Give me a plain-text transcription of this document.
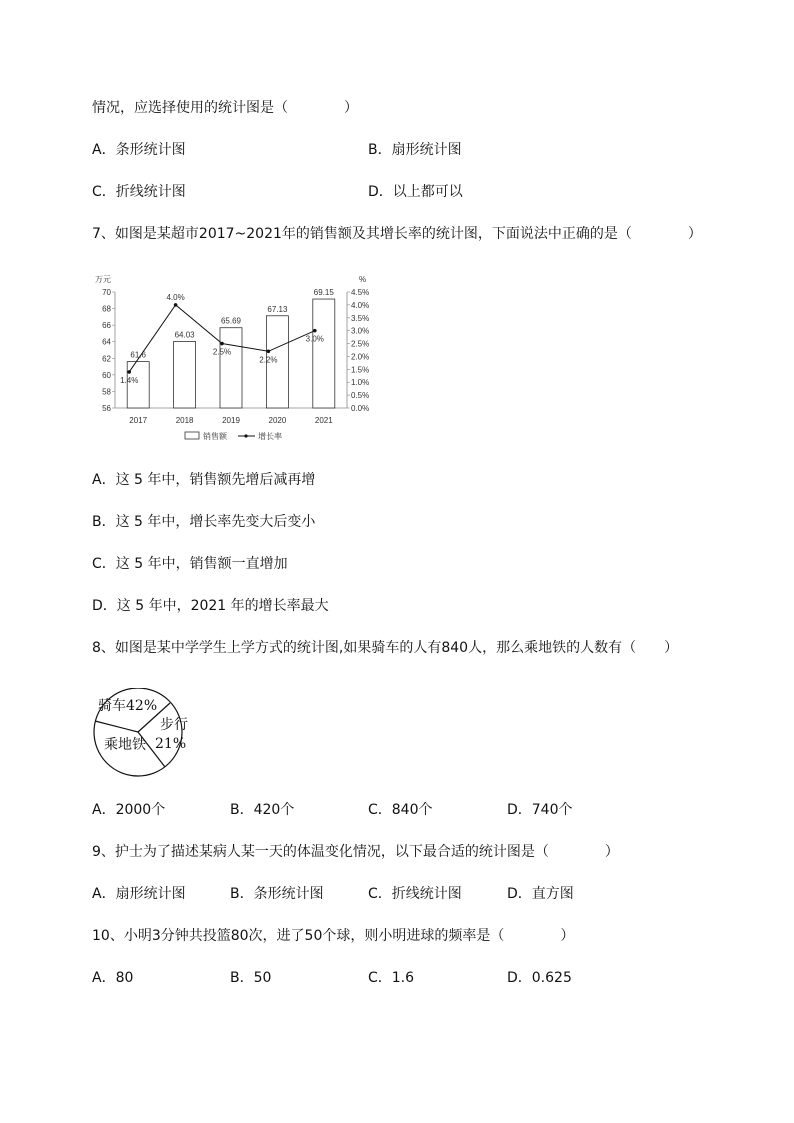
情况，应选择使用的统计图是（　　　　）
A．条形统计图	B．扇形统计图
C．折线统计图	D．以上都可以
7、如图是某超市2017~2021年的销售额及其增长率的统计图，下面说法中正确的是（　　　　）
万元	%
70
68
66
64
62
60
58
56
4.5%
4.0%
3.5%
3.0%
2.5%
2.0%
1.5%
1.0%
0.5%
0.0%
61.6
64.03
65.69
67.13
69.15
1.4%
4.0%
2.5%
2.2%
3.0%
2017	2018	2019	2020	2021
销售额	增长率
A．这 5 年中，销售额先增后减再增
B．这 5 年中，增长率先变大后变小
C．这 5 年中，销售额一直增加
D．这 5 年中，2021 年的增长率最大
8、如图是某中学学生上学方式的统计图,如果骑车的人有840人，那么乘地铁的人数有（　　）
骑车42%
步行
21%
乘地铁
A．2000个	B．420个	C．840个	D．740个
9、护士为了描述某病人某一天的体温变化情况，以下最合适的统计图是（　　　　）
A．扇形统计图	B．条形统计图	C．折线统计图	D．直方图
10、小明3分钟共投篮80次，进了50个球，则小明进球的频率是（　　　　）
A．80	B．50	C．1.6	D．0.625
